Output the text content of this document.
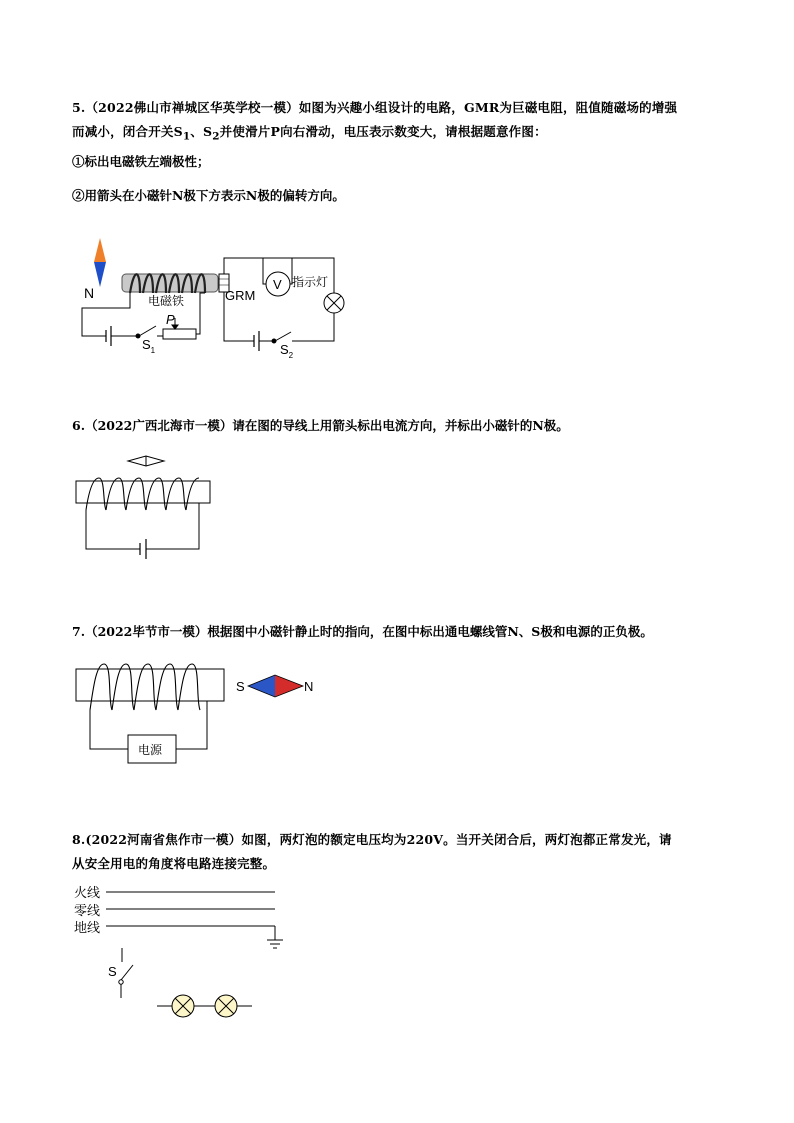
5.（2022佛山市禅城区华英学校一模）如图为兴趣小组设计的电路，GMR为巨磁电阻，阻值随磁场的增强
而减小，闭合开关$S_1$、$S_2$并使滑片P向右滑动，电压表示数变大，请根据题意作图：
①标出电磁铁左端极性；
②用箭头在小磁针N极下方表示N极的偏转方向。
N	电磁铁
P
$S_1$
GRM
V 指示灯
$S_2$
电源
S	N
火线
零线
地线
S
6.（2022广西北海市一模）请在图的导线上用箭头标出电流方向，并标出小磁针的N极。
7.（2022毕节市一模）根据图中小磁针静止时的指向，在图中标出通电螺线管N、S极和电源的正负极。
8.(2022河南省焦作市一模）如图，两灯泡的额定电压均为220V。当开关闭合后，两灯泡都正常发光，请
从安全用电的角度将电路连接完整。
